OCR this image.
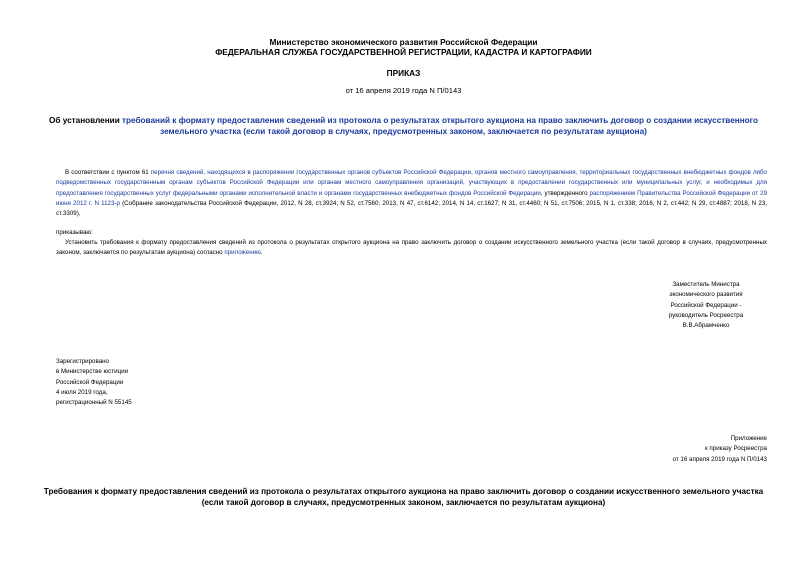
Министерство экономического развития Российской Федерации
ФЕДЕРАЛЬНАЯ СЛУЖБА ГОСУДАРСТВЕННОЙ РЕГИСТРАЦИИ, КАДАСТРА И КАРТОГРАФИИ
ПРИКАЗ
от 16 апреля 2019 года N П/0143
Об установлении требований к формату предоставления сведений из протокола о результатах открытого аукциона на право заключить договор о создании искусственного земельного участка (если такой договор в случаях, предусмотренных законом, заключается по результатам аукциона)
В соответствии с пунктом 61 перечня сведений, находящихся в распоряжении государственных органов субъектов Российской Федерации, органов местного самоуправления, территориальных государственных внебюджетных фондов либо подведомственных государственным органам субъектов Российской Федерации или органам местного самоуправления организаций, участвующих в предоставлении государственных или муниципальных услуг, и необходимых для предоставления государственных услуг федеральными органами исполнительной власти и органами государственных внебюджетных фондов Российской Федерации, утвержденного распоряжением Правительства Российской Федерации от 29 июня 2012 г. N 1123-р (Собрание законодательства Российской Федерации, 2012, N 28, ст.3924; N 52, ст.7560; 2013, N 47, ст.6142; 2014, N 14, ст.1627; N 31, ст.4460; N 51, ст.7506; 2015, N 1, ст.338; 2016, N 2, ст.442; N 29, ст.4887; 2018, N 23, ст.3309),
приказываю:
Установить требования к формату предоставления сведений из протокола о результатах открытого аукциона на право заключить договор о создании искусственного земельного участка (если такой договор в случаях, предусмотренных законом, заключается по результатам аукциона) согласно приложению.
Заместитель Министра
экономического развития
Российской Федерации -
руководитель Росреестра
В.В.Абрамченко
Зарегистрировано
в Министерстве юстиции
Российской Федерации
4 июля 2019 года,
регистрационный N 55145
Приложение
к приказу Росреестра
от 16 апреля 2019 года N П/0143
Требования к формату предоставления сведений из протокола о результатах открытого аукциона на право заключить договор о создании искусственного земельного участка (если такой договор в случаях, предусмотренных законом, заключается по результатам аукциона)
